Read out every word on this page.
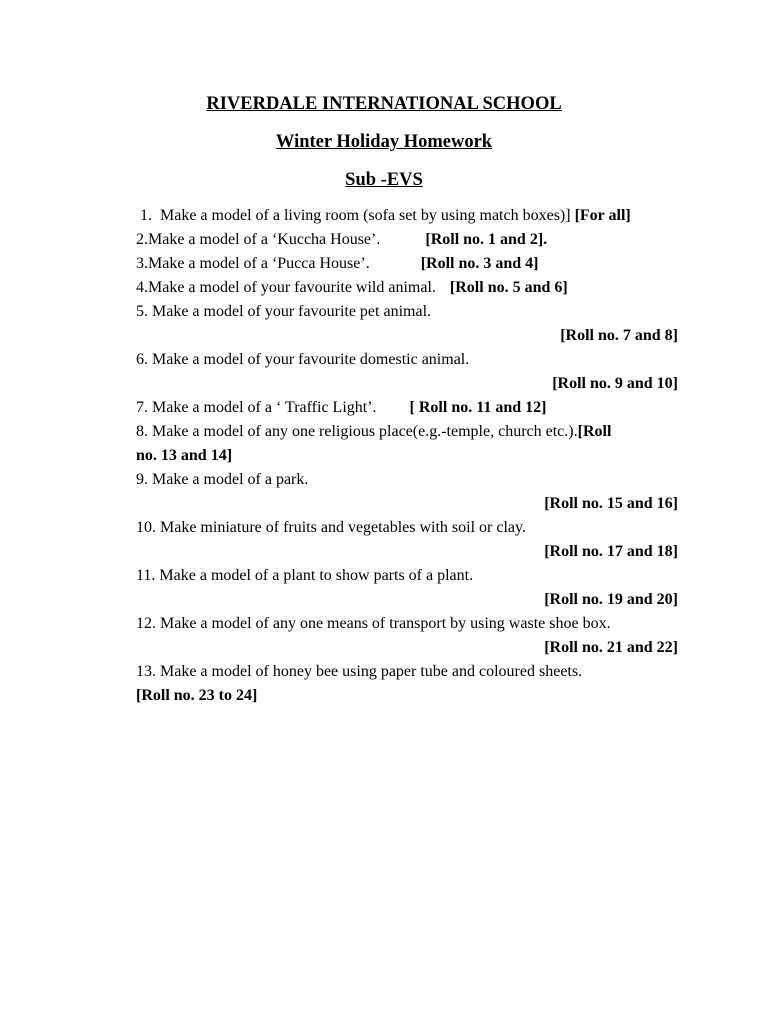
RIVERDALE INTERNATIONAL SCHOOL
Winter Holiday Homework
Sub -EVS
1.  Make a model of a living room (sofa set by using match boxes)] [For all]
2.Make a model of a ‘Kuccha House’.	[Roll no. 1 and 2].
3.Make a model of a ‘Pucca House’.	[Roll no. 3 and 4]
4.Make a model of your favourite wild animal. [Roll no. 5 and 6]
5. Make a model of your favourite pet animal.
[Roll no. 7 and 8]
6. Make a model of your favourite domestic animal.
[Roll no. 9 and 10]
7. Make a model of a ‘ Traffic Light’. [ Roll no. 11 and 12]
8. Make a model of any one religious place(e.g.-temple, church etc.).[Roll
no. 13 and 14]
9. Make a model of a park.
[Roll no. 15 and 16]
10. Make miniature of fruits and vegetables with soil or clay.
[Roll no. 17 and 18]
11. Make a model of a plant to show parts of a plant.
[Roll no. 19 and 20]
12. Make a model of any one means of transport by using waste shoe box.
[Roll no. 21 and 22]
13. Make a model of honey bee using paper tube and coloured sheets.
[Roll no. 23 to 24]
